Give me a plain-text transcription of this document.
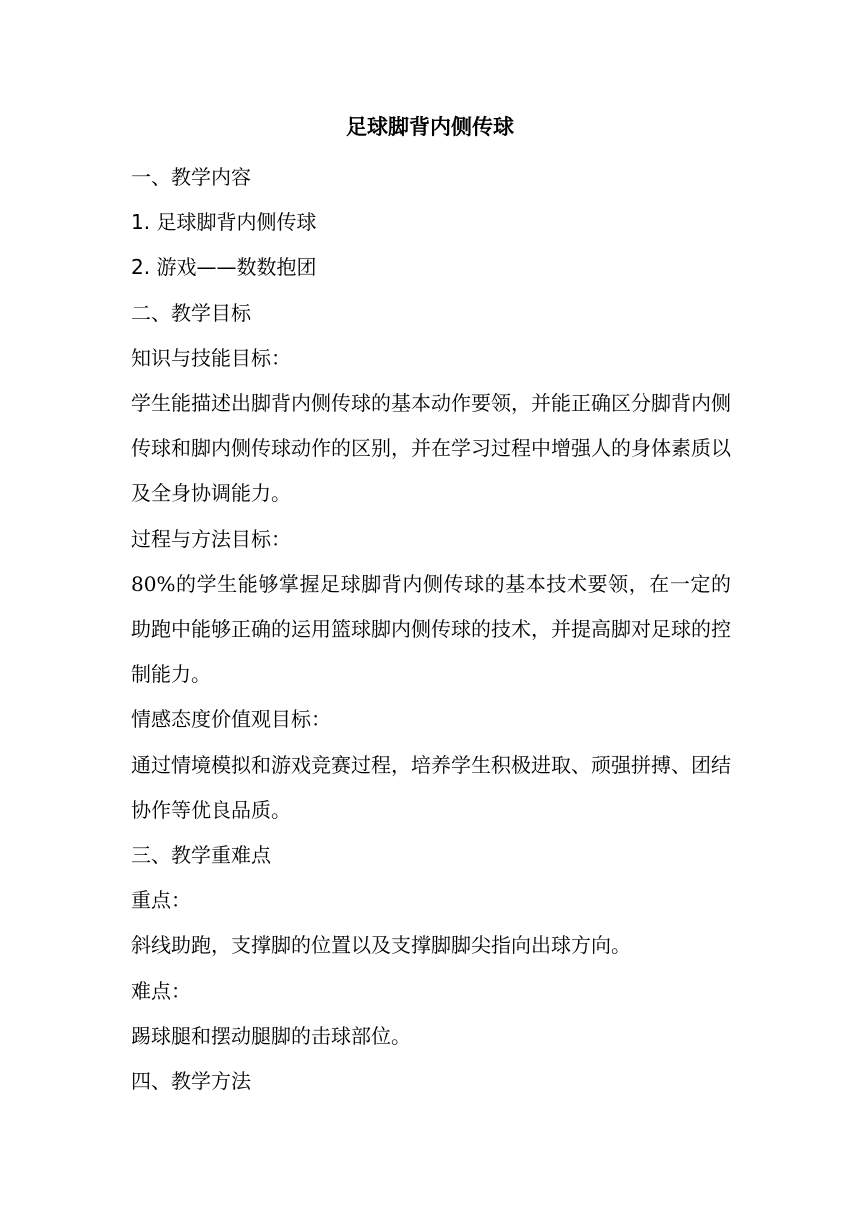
足球脚背内侧传球

一、教学内容

1. 足球脚背内侧传球

2. 游戏——数数抱团

二、教学目标

知识与技能目标：

学生能描述出脚背内侧传球的基本动作要领，并能正确区分脚背内侧传球和脚内侧传球动作的区别，并在学习过程中增强人的身体素质以及全身协调能力。

过程与方法目标：

80%的学生能够掌握足球脚背内侧传球的基本技术要领，在一定的助跑中能够正确的运用篮球脚内侧传球的技术，并提高脚对足球的控制能力。

情感态度价值观目标：

通过情境模拟和游戏竞赛过程，培养学生积极进取、顽强拼搏、团结协作等优良品质。

三、教学重难点

重点：

斜线助跑，支撑脚的位置以及支撑脚脚尖指向出球方向。

难点：

踢球腿和摆动腿脚的击球部位。

四、教学方法
